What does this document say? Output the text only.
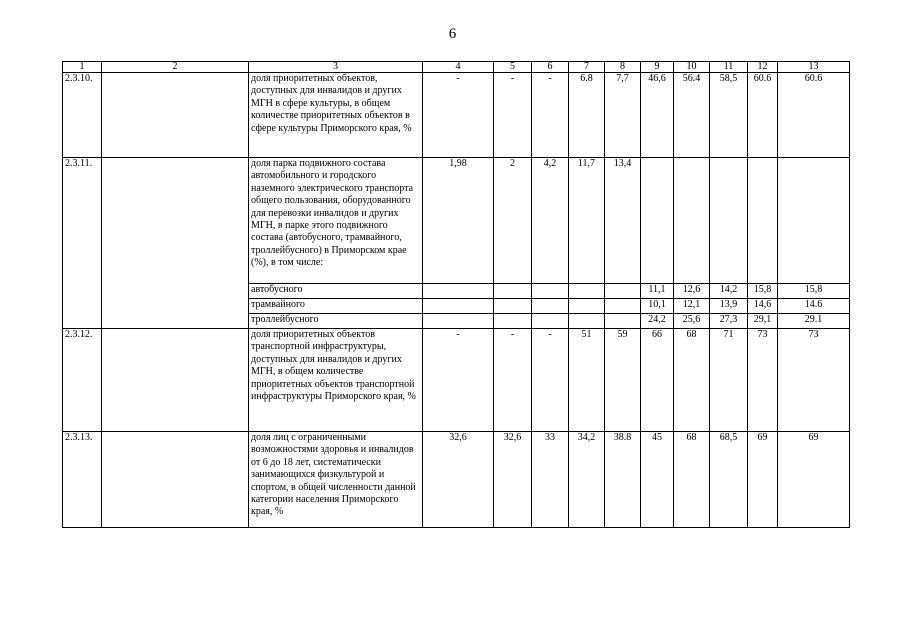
6
1	2	3	4	5	6	7	8	9	10	11	12	13
2.3.10.		доля приоритетных объектов, доступных для инвалидов и других МГН в сфере культуры, в общем количестве приоритетных объектов в сфере культуры Приморского края, %	-	-	-	6.8	7,7	46,6	56.4	58,5	60.6	60.6
2.3.11.		доля парка подвижного состава автомобильного и городского наземного электрического транспорта общего пользования, оборудованного для перевозки инвалидов и других МГН, в парке этого подвижного состава (автобусного, трамвайного, троллейбусного) в Приморском крае (%), в том числе:	1,98	2	4,2	11,7	13,4					
		автобусного						11,1	12,6	14,2	15,8	15,8
		трамвайного						10,1	12,1	13,9	14,6	14.6
		троллейбусного						24,2	25,6	27,3	29,1	29.1
2.3.12.		доля приоритетных объектов транспортной инфраструктуры, доступных для инвалидов и других МГН, в общем количестве приоритетных объектов транспортной инфраструктуры Приморского края, %	-	-	-	51	59	66	68	71	73	73
2.3.13.		доля лиц с ограниченными возможностями здоровья и инвалидов от 6 до 18 лет, систематически занимающихся физкультурой и спортом, в общей численности данной категории населения Приморского края, %	32,6	32,6	33	34,2	38.8	45	68	68,5	69	69
